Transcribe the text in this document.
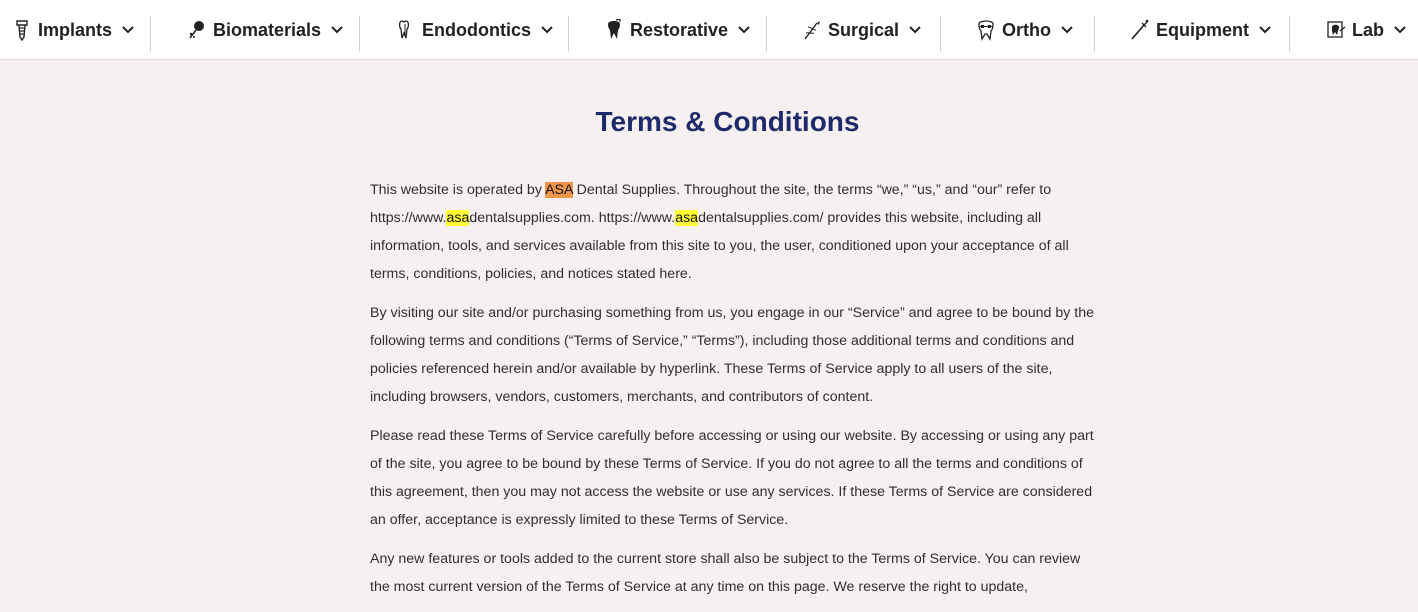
Implants	Biomaterials	Endodontics	Restorative	Surgical	Ortho	Equipment	Lab
Terms & Conditions

This website is operated by ASA Dental Supplies. Throughout the site, the terms “we,” “us,” and “our” refer to https://www.asadentalsupplies.com. https://www.asadentalsupplies.com/ provides this website, including all information, tools, and services available from this site to you, the user, conditioned upon your acceptance of all terms, conditions, policies, and notices stated here.

By visiting our site and/or purchasing something from us, you engage in our “Service” and agree to be bound by the following terms and conditions (“Terms of Service,” “Terms”), including those additional terms and conditions and policies referenced herein and/or available by hyperlink. These Terms of Service apply to all users of the site, including browsers, vendors, customers, merchants, and contributors of content.

Please read these Terms of Service carefully before accessing or using our website. By accessing or using any part of the site, you agree to be bound by these Terms of Service. If you do not agree to all the terms and conditions of this agreement, then you may not access the website or use any services. If these Terms of Service are considered an offer, acceptance is expressly limited to these Terms of Service.

Any new features or tools added to the current store shall also be subject to the Terms of Service. You can review the most current version of the Terms of Service at any time on this page. We reserve the right to update,
